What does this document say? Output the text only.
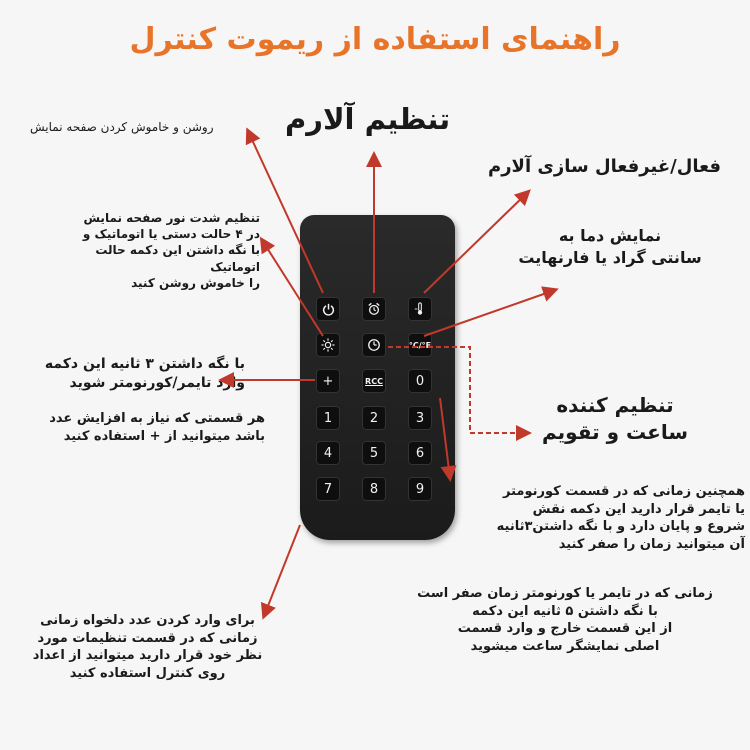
راهنمای استفاده از ریموت کنترل
تنظیم آلارم
روشن و خاموش کردن صفحه نمایش
فعال/غیرفعال سازی آلارم
تنظیم شدت نور صفحه نمایش
در ۴ حالت دستی یا اتوماتیک و
با نگه داشتن این دکمه حالت اتوماتیک
را خاموش روشن کنید
نمایش دما به
سانتی گراد یا فارنهایت
با نگه داشتن ۳ ثانیه این دکمه
وارد تایمر/کورنومتر شوید
هر قسمتی که نیاز به افزایش عدد
باشد میتوانید از + استفاده کنید
تنظیم کننده
ساعت و تقویم
همچنین زمانی که در قسمت کورنومتر
یا تایمر قرار دارید این دکمه نقش
شروع و پایان دارد و با نگه داشتن۳ثانیه
آن میتوانید زمان را صفر کنید
زمانی که در تایمر یا کورنومتر زمان صفر است
با نگه داشتن ۵ ثانیه این دکمه
از این قسمت خارج و وارد قسمت
اصلی نمایشگر ساعت میشوید
برای وارد کردن عدد دلخواه زمانی
زمانی که در قسمت تنظیمات مورد
نظر خود قرار دارید میتوانید از اعداد
روی کنترل استفاده کنید
°C/°F
+	RCC	0
1	2	3
4	5	6
7	8	9
